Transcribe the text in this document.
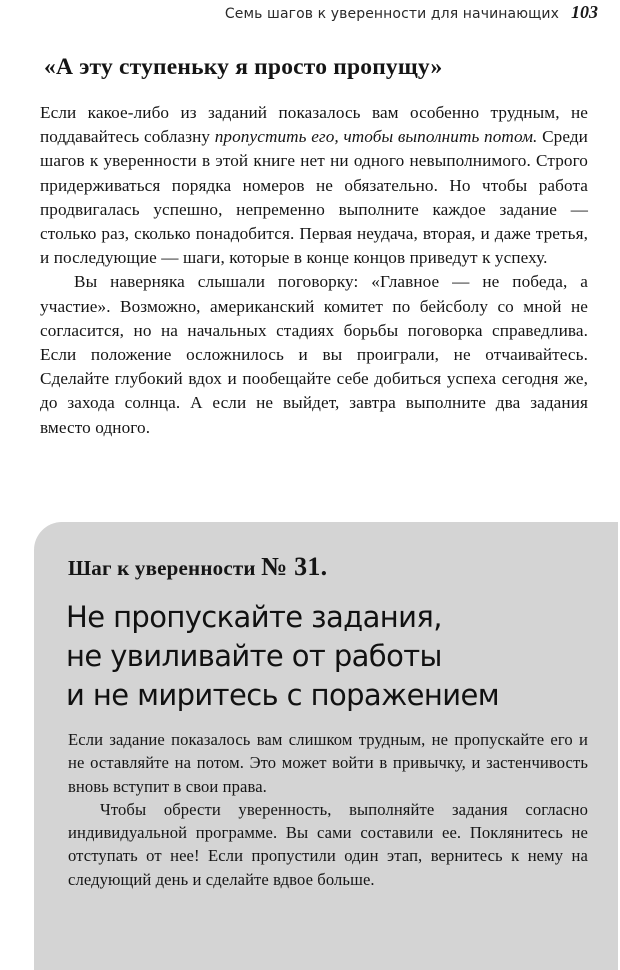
Семь шагов к уверенности для начинающих 103
«А эту ступеньку я просто пропущу»

Если какое-либо из заданий показалось вам особенно трудным, не поддавайтесь соблазну пропустить его, чтобы выполнить потом. Среди шагов к уверенности в этой книге нет ни одного невыполнимого. Строго придерживаться порядка номеров не обязательно. Но чтобы работа продвигалась успешно, непременно выполните каждое задание — столько раз, сколько понадобится. Первая неудача, вторая, и даже третья, и последующие — шаги, которые в конце концов приведут к успеху.

Вы наверняка слышали поговорку: «Главное — не победа, а участие». Возможно, американский комитет по бейсболу со мной не согласится, но на начальных стадиях борьбы поговорка справедлива. Если положение осложнилось и вы проиграли, не отчаивайтесь. Сделайте глубокий вдох и пообещайте себе добиться успеха сегодня же, до захода солнца. А если не выйдет, завтра выполните два задания вместо одного.

Шаг к уверенности № 31.
Не пропускайте задания,
не увиливайте от работы
и не миритесь с поражением

Если задание показалось вам слишком трудным, не пропускайте его и не оставляйте на потом. Это может войти в привычку, и застенчивость вновь вступит в свои права.

Чтобы обрести уверенность, выполняйте задания согласно индивидуальной программе. Вы сами составили ее. Поклянитесь не отступать от нее! Если пропустили один этап, вернитесь к нему на следующий день и сделайте вдвое больше.
